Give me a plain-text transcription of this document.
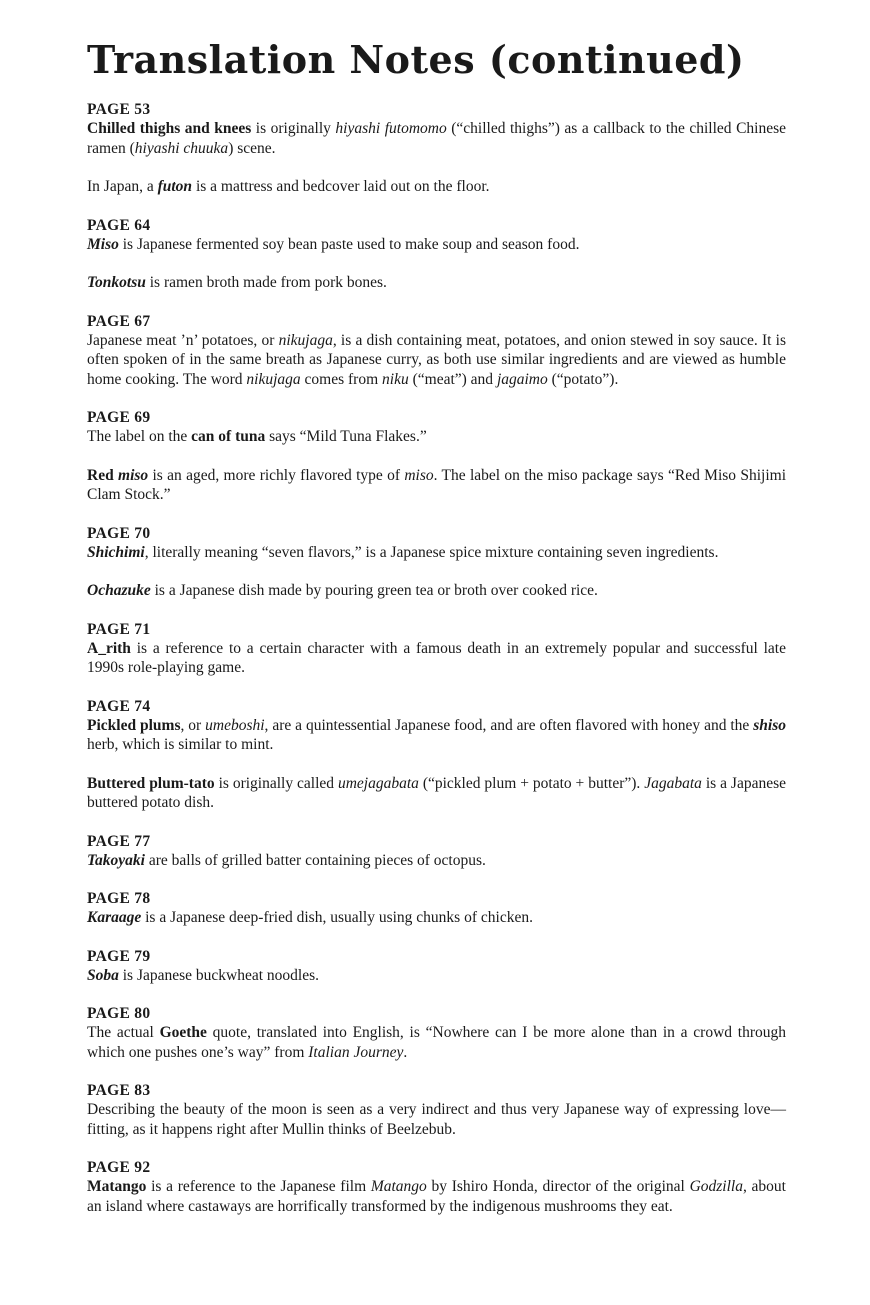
Translation Notes (continued)
PAGE 53

Chilled thighs and knees is originally hiyashi futomomo (“chilled thighs”) as a callback to the chilled Chinese ramen (hiyashi chuuka) scene.

In Japan, a futon is a mattress and bedcover laid out on the floor.

PAGE 64

Miso is Japanese fermented soy bean paste used to make soup and season food.

Tonkotsu is ramen broth made from pork bones.

PAGE 67

Japanese meat ’n’ potatoes, or nikujaga, is a dish containing meat, potatoes, and onion stewed in soy sauce. It is often spoken of in the same breath as Japanese curry, as both use similar ingredients and are viewed as humble home cooking. The word nikujaga comes from niku (“meat”) and jagaimo (“potato”).

PAGE 69

The label on the can of tuna says “Mild Tuna Flakes.”

Red miso is an aged, more richly flavored type of miso. The label on the miso package says “Red Miso Shijimi Clam Stock.”

PAGE 70

Shichimi, literally meaning “seven flavors,” is a Japanese spice mixture containing seven ingredients.

Ochazuke is a Japanese dish made by pouring green tea or broth over cooked rice.

PAGE 71

A_rith is a reference to a certain character with a famous death in an extremely popular and successful late 1990s role-playing game.

PAGE 74

Pickled plums, or umeboshi, are a quintessential Japanese food, and are often flavored with honey and the shiso herb, which is similar to mint.

Buttered plum-tato is originally called umejagabata (“pickled plum + potato + butter”). Jagabata is a Japanese buttered potato dish.

PAGE 77

Takoyaki are balls of grilled batter containing pieces of octopus.

PAGE 78

Karaage is a Japanese deep-fried dish, usually using chunks of chicken.

PAGE 79

Soba is Japanese buckwheat noodles.

PAGE 80

The actual Goethe quote, translated into English, is “Nowhere can I be more alone than in a crowd through which one pushes one’s way” from Italian Journey.

PAGE 83

Describing the beauty of the moon is seen as a very indirect and thus very Japanese way of expressing love—fitting, as it happens right after Mullin thinks of Beelzebub.

PAGE 92

Matango is a reference to the Japanese film Matango by Ishiro Honda, director of the original Godzilla, about an island where castaways are horrifically transformed by the indigenous mushrooms they eat.
